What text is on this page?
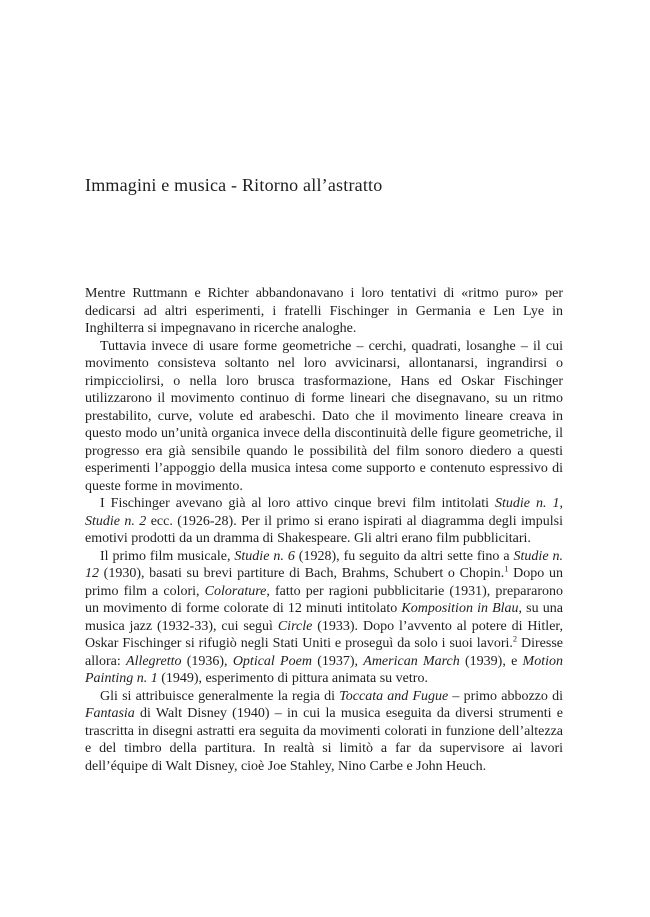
Immagini e musica - Ritorno all’astratto

Mentre Ruttmann e Richter abbandonavano i loro tentativi di «ritmo puro» per dedicarsi ad altri esperimenti, i fratelli Fischinger in Germania e Len Lye in Inghilterra si impegnavano in ricerche analoghe.

Tuttavia invece di usare forme geometriche – cerchi, quadrati, losanghe – il cui movimento consisteva soltanto nel loro avvicinarsi, allontanarsi, ingrandirsi o rimpicciolirsi, o nella loro brusca trasformazione, Hans ed Oskar Fischinger utilizzarono il movimento continuo di forme lineari che disegnavano, su un ritmo prestabilito, curve, volute ed arabeschi. Dato che il movimento lineare creava in questo modo un’unità organica invece della discontinuità delle figure geometriche, il progresso era già sensibile quando le possibilità del film sonoro diedero a questi esperimenti l’appoggio della musica intesa come supporto e contenuto espressivo di queste forme in movimento.

I Fischinger avevano già al loro attivo cinque brevi film intitolati Studie n. 1, Studie n. 2 ecc. (1926-28). Per il primo si erano ispirati al diagramma degli impulsi emotivi prodotti da un dramma di Shakespeare. Gli altri erano film pubblicitari.

Il primo film musicale, Studie n. 6 (1928), fu seguito da altri sette fino a Studie n. 12 (1930), basati su brevi partiture di Bach, Brahms, Schubert o Chopin.$^1$ Dopo un primo film a colori, Colorature, fatto per ragioni pubblicitarie (1931), prepararono un movimento di forme colorate di 12 minuti intitolato Komposition in Blau, su una musica jazz (1932-33), cui seguì Circle (1933). Dopo l’avvento al potere di Hitler, Oskar Fischinger si rifugiò negli Stati Uniti e proseguì da solo i suoi lavori.$^2$ Diresse allora: Allegretto (1936), Optical Poem (1937), American March (1939), e Motion Painting n. 1 (1949), esperimento di pittura animata su vetro.

Gli si attribuisce generalmente la regia di Toccata and Fugue – primo abbozzo di Fantasia di Walt Disney (1940) – in cui la musica eseguita da diversi strumenti e trascritta in disegni astratti era seguita da movimenti colorati in funzione dell’altezza e del timbro della partitura. In realtà si limitò a far da supervisore ai lavori dell’équipe di Walt Disney, cioè Joe Stahley, Nino Carbe e John Heuch.
